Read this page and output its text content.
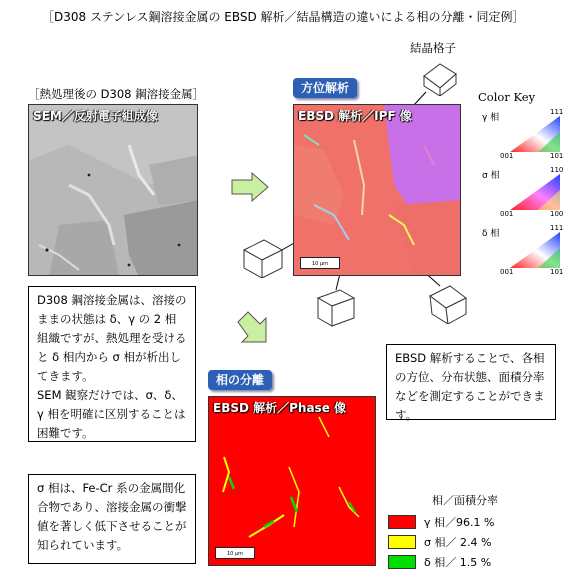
［D308 ステンレス鋼溶接金属の EBSD 解析／結晶構造の違いによる相の分離・同定例］
［熱処理後の D308 鋼溶接金属］
SEM／反射電子組成像
結晶格子
方位解析
EBSD 解析／IPF 像
10 μm
Color Key
γ 相
001	101
111
σ 相
001	100
110
δ 相
001	101
111

D308 鋼溶接金属は、溶接のままの状態は δ、γ の 2 相組織ですが、熱処理を受けると δ 相内から σ 相が析出してきます。

SEM 観察だけでは、σ、δ、γ 相を明確に区別することは困難です。

EBSD 解析することで、各相の方位、分布状態、面積分率などを測定することができます。

σ 相は、Fe-Cr 系の金属間化合物であり、溶接金属の衝撃値を著しく低下させることが知られています。

相の分離
EBSD 解析／Phase 像
10 μm
相／面積分率
γ 相／96.1 %
σ 相／ 2.4 %
δ 相／ 1.5 %
